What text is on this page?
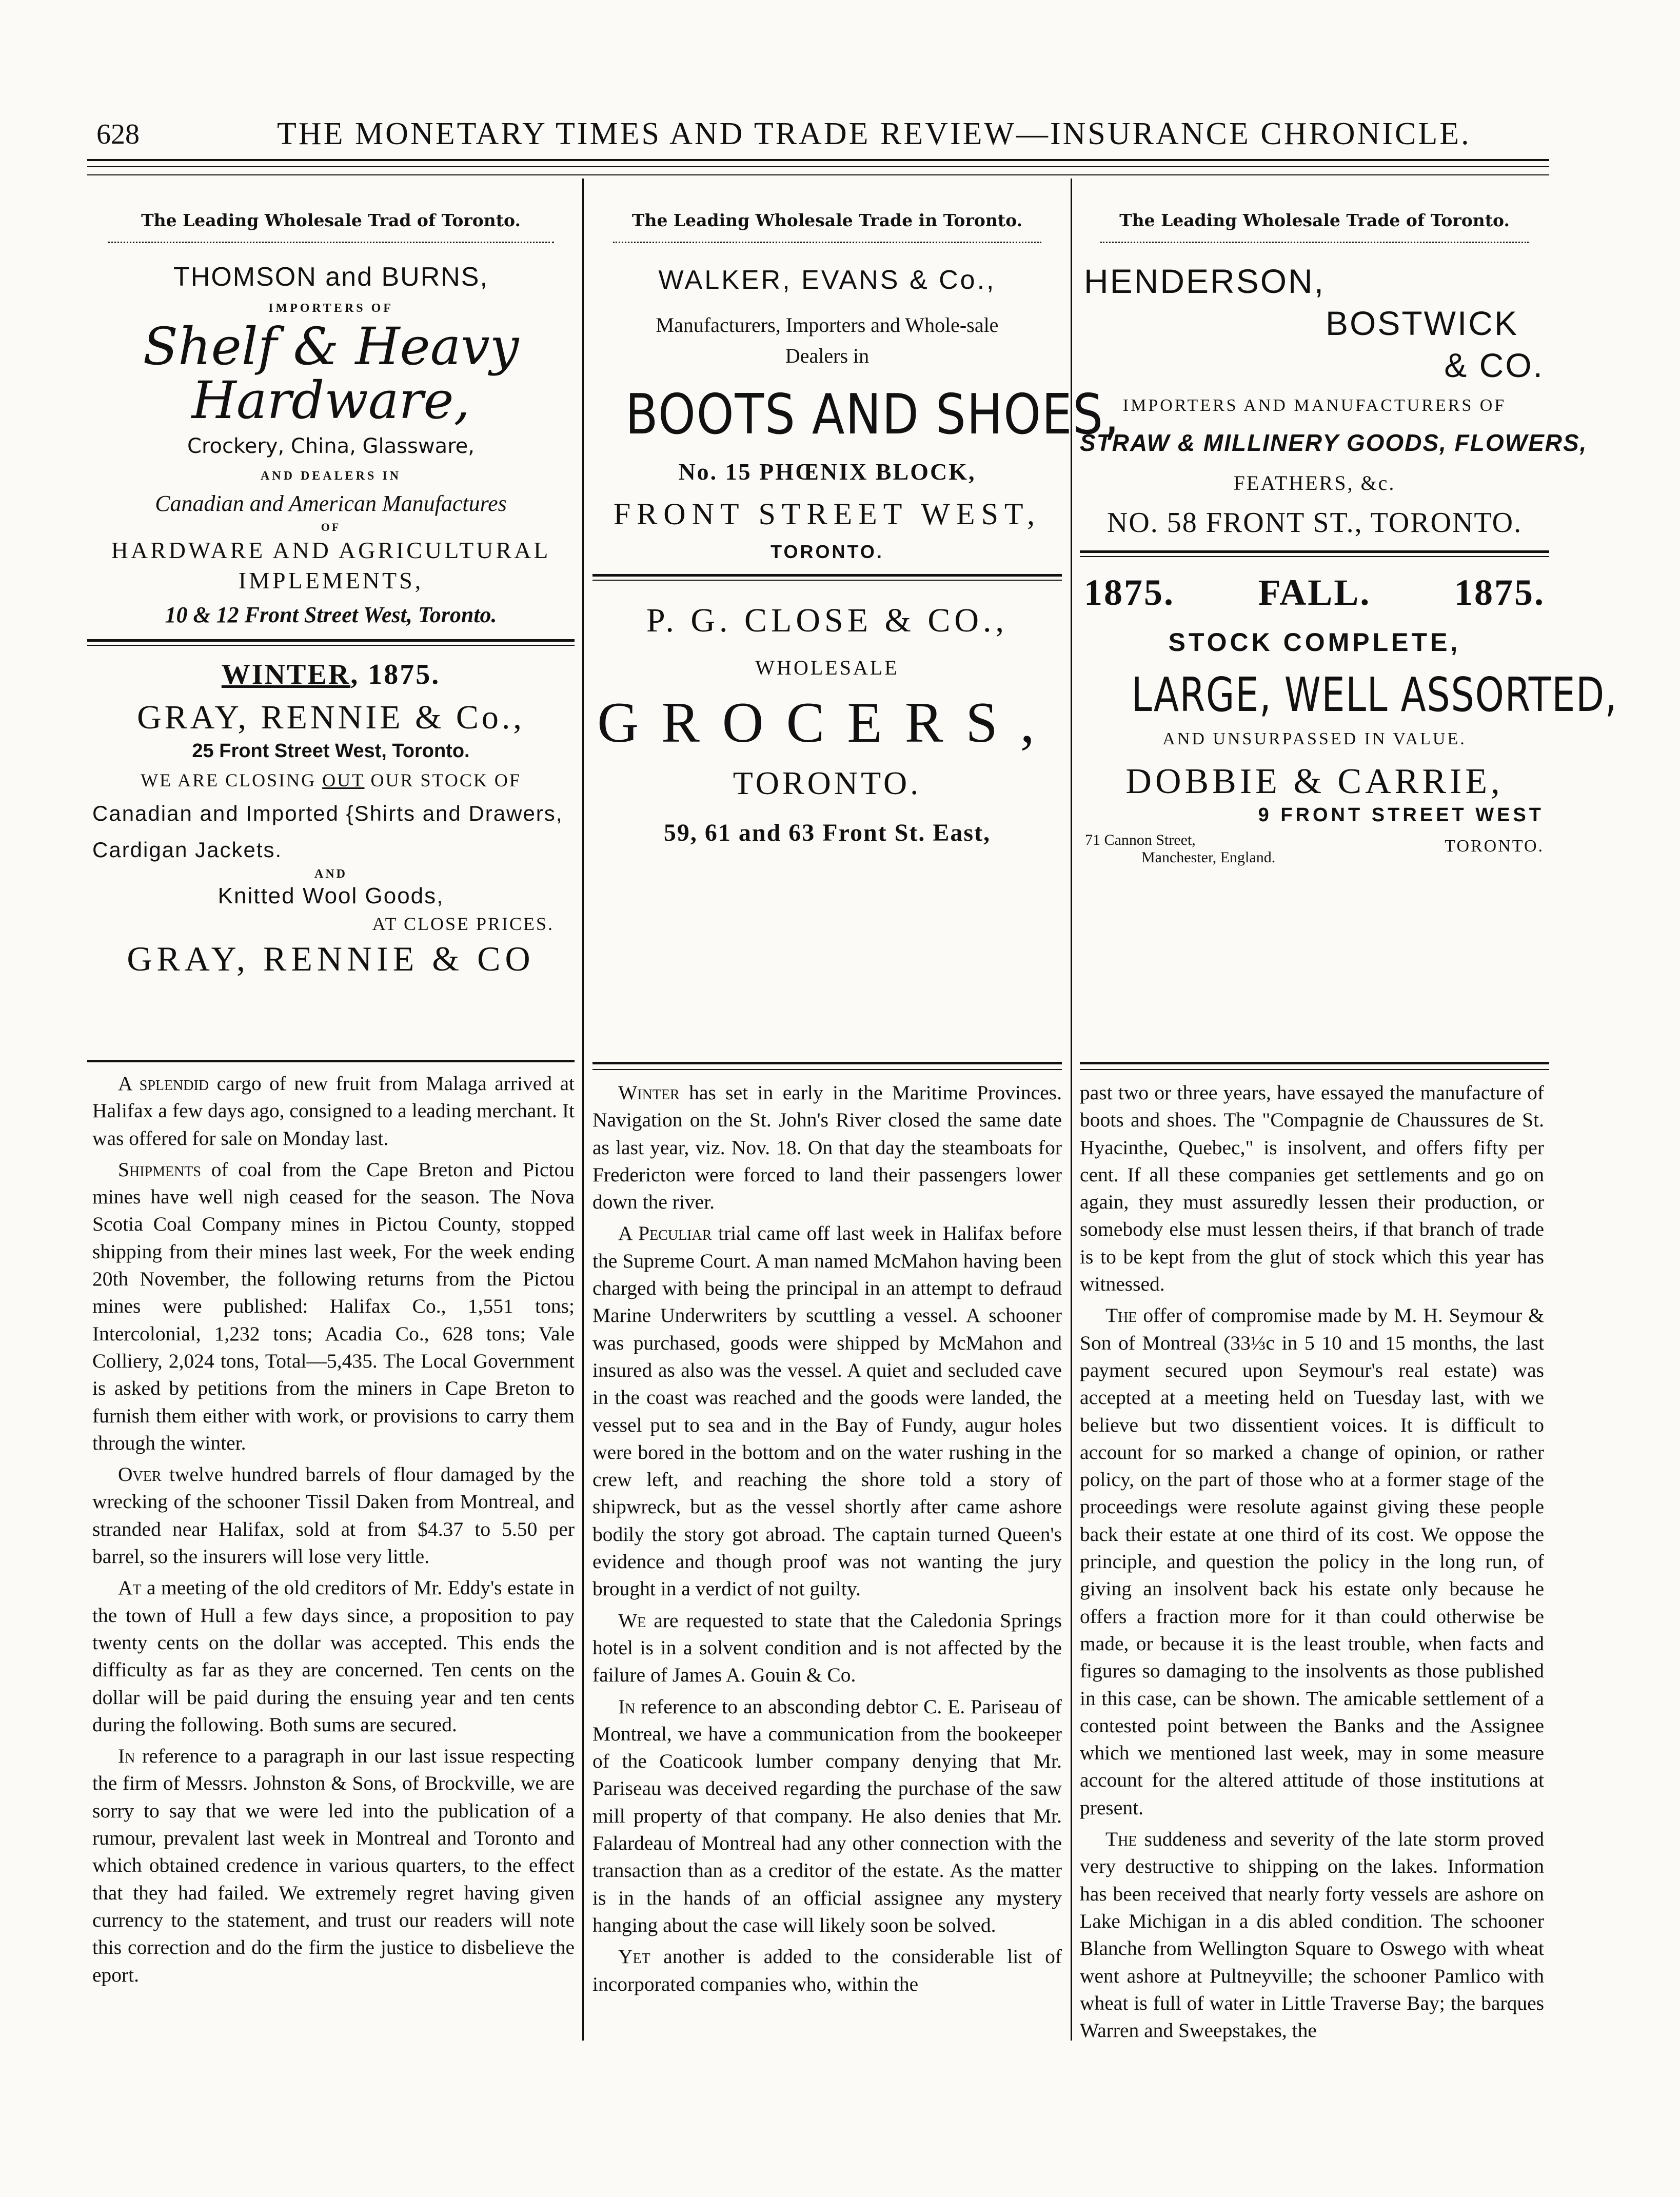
628	THE MONETARY TIMES AND TRADE REVIEW—INSURANCE CHRONICLE.
The Leading Wholesale Trad of Toronto.
THOMSON and BURNS,
IMPORTERS OF
Shelf & Heavy Hardware,
Crockery, China, Glassware,
AND DEALERS IN
Canadian and American Manufactures
OF
HARDWARE AND AGRICULTURAL
IMPLEMENTS,
10 & 12 Front Street West, Toronto.
WINTER, 1875.
GRAY, RENNIE & Co.,
25 Front Street West, Toronto.
WE ARE CLOSING OUT OUR STOCK OF
Canadian and Imported {Shirts and Drawers,
Cardigan Jackets.
AND
Knitted Wool Goods,
AT CLOSE PRICES.
GRAY, RENNIE & CO
The Leading Wholesale Trade in Toronto.
WALKER, EVANS & Co.,
Manufacturers, Importers and Whole-sale Dealers in
BOOTS AND SHOES,
No. 15 PHŒNIX BLOCK,
FRONT STREET WEST,
TORONTO.
P. G. CLOSE & CO.,
WHOLESALE
GROCERS,
TORONTO.
59, 61 and 63 Front St. East,
The Leading Wholesale Trade of Toronto.
HENDERSON,
BOSTWICK
& CO.
IMPORTERS AND MANUFACTURERS OF
STRAW & MILLINERY GOODS, FLOWERS,
FEATHERS, &c.
NO. 58 FRONT ST., TORONTO.
1875. FALL. 1875.
STOCK COMPLETE,
LARGE, WELL ASSORTED,
AND UNSURPASSED IN VALUE.
DOBBIE & CARRIE,
9 FRONT STREET WEST
71 Cannon Street,
Manchester, England.
TORONTO.

A splendid cargo of new fruit from Malaga arrived at Halifax a few days ago, consigned to a leading merchant. It was offered for sale on Monday last.

Shipments of coal from the Cape Breton and Pictou mines have well nigh ceased for the season. The Nova Scotia Coal Company mines in Pictou County, stopped shipping from their mines last week, For the week ending 20th November, the following returns from the Pictou mines were published: Halifax Co., 1,551 tons; Intercolonial, 1,232 tons; Acadia Co., 628 tons; Vale Colliery, 2,024 tons, Total—5,435. The Local Government is asked by petitions from the miners in Cape Breton to furnish them either with work, or provisions to carry them through the winter.

Over twelve hundred barrels of flour damaged by the wrecking of the schooner Tissil Daken from Montreal, and stranded near Halifax, sold at from $4.37 to 5.50 per barrel, so the insurers will lose very little.

At a meeting of the old creditors of Mr. Eddy's estate in the town of Hull a few days since, a proposition to pay twenty cents on the dollar was accepted. This ends the difficulty as far as they are concerned. Ten cents on the dollar will be paid during the ensuing year and ten cents during the following. Both sums are secured.

In reference to a paragraph in our last issue respecting the firm of Messrs. Johnston & Sons, of Brockville, we are sorry to say that we were led into the publication of a rumour, prevalent last week in Montreal and Toronto and which obtained credence in various quarters, to the effect that they had failed. We extremely regret having given currency to the statement, and trust our readers will note this correction and do the firm the justice to disbelieve the eport.

Winter has set in early in the Maritime Provinces. Navigation on the St. John's River closed the same date as last year, viz. Nov. 18. On that day the steamboats for Fredericton were forced to land their passengers lower down the river.

A Peculiar trial came off last week in Halifax before the Supreme Court. A man named McMahon having been charged with being the principal in an attempt to defraud Marine Underwriters by scuttling a vessel. A schooner was purchased, goods were shipped by McMahon and insured as also was the vessel. A quiet and secluded cave in the coast was reached and the goods were landed, the vessel put to sea and in the Bay of Fundy, augur holes were bored in the bottom and on the water rushing in the crew left, and reaching the shore told a story of shipwreck, but as the vessel shortly after came ashore bodily the story got abroad. The captain turned Queen's evidence and though proof was not wanting the jury brought in a verdict of not guilty.

We are requested to state that the Caledonia Springs hotel is in a solvent condition and is not affected by the failure of James A. Gouin & Co.

In reference to an absconding debtor C. E. Pariseau of Montreal, we have a communication from the bookeeper of the Coaticook lumber company denying that Mr. Pariseau was deceived regarding the purchase of the saw mill property of that company. He also denies that Mr. Falardeau of Montreal had any other connection with the transaction than as a creditor of the estate. As the matter is in the hands of an official assignee any mystery hanging about the case will likely soon be solved.

Yet another is added to the considerable list of incorporated companies who, within the

past two or three years, have essayed the manufacture of boots and shoes. The "Compagnie de Chaussures de St. Hyacinthe, Quebec," is insolvent, and offers fifty per cent. If all these companies get settlements and go on again, they must assuredly lessen their production, or somebody else must lessen theirs, if that branch of trade is to be kept from the glut of stock which this year has witnessed.

The offer of compromise made by M. H. Seymour & Son of Montreal (33⅓c in 5 10 and 15 months, the last payment secured upon Seymour's real estate) was accepted at a meeting held on Tuesday last, with we believe but two dissentient voices. It is difficult to account for so marked a change of opinion, or rather policy, on the part of those who at a former stage of the proceedings were resolute against giving these people back their estate at one third of its cost. We oppose the principle, and question the policy in the long run, of giving an insolvent back his estate only because he offers a fraction more for it than could otherwise be made, or because it is the least trouble, when facts and figures so damaging to the insolvents as those published in this case, can be shown. The amicable settlement of a contested point between the Banks and the Assignee which we mentioned last week, may in some measure account for the altered attitude of those institutions at present.

The suddeness and severity of the late storm proved very destructive to shipping on the lakes. Information has been received that nearly forty vessels are ashore on Lake Michigan in a dis abled condition. The schooner Blanche from Wellington Square to Oswego with wheat went ashore at Pultneyville; the schooner Pamlico with wheat is full of water in Little Traverse Bay; the barques Warren and Sweepstakes, the
